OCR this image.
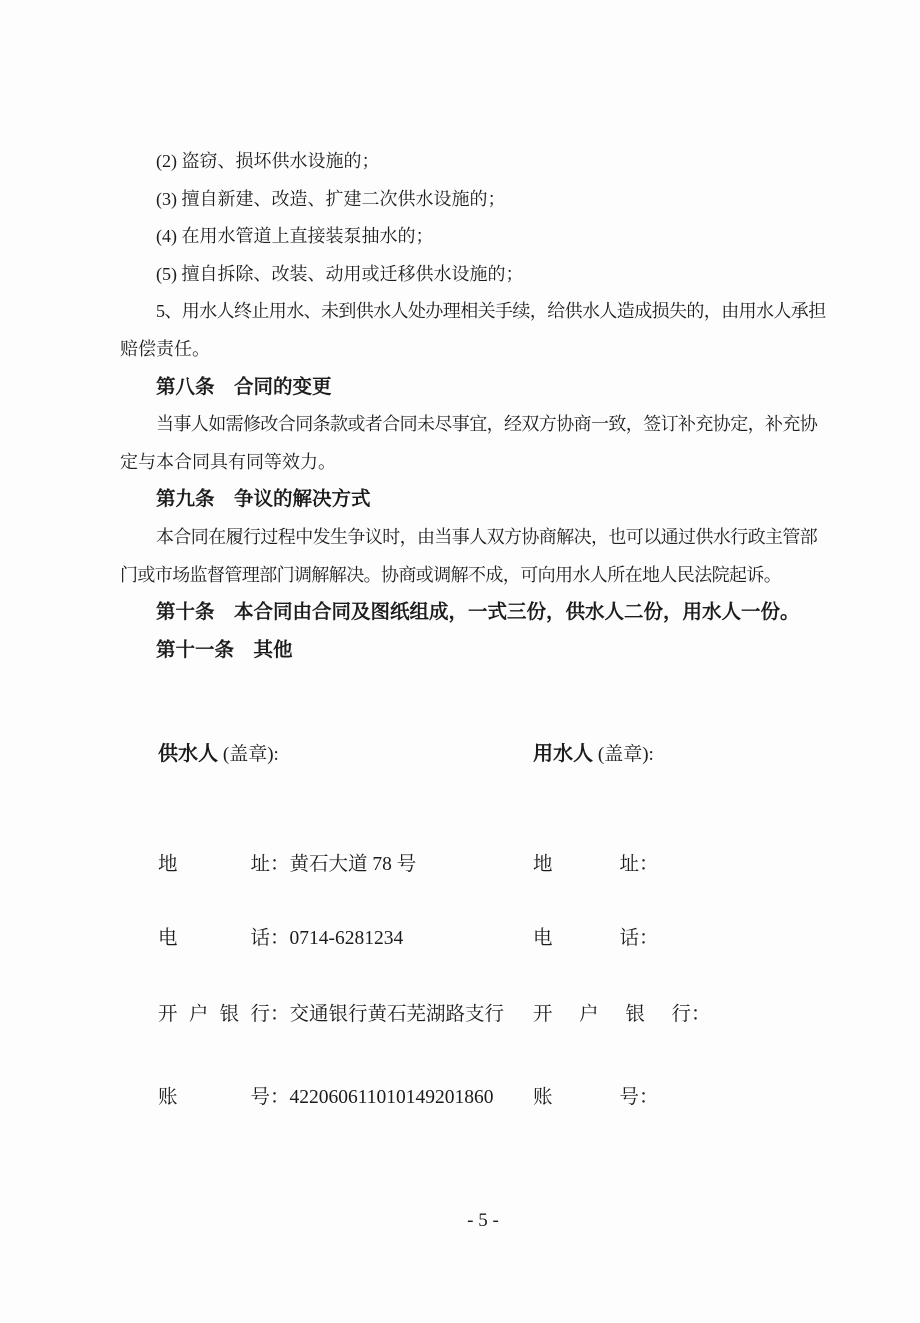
(2) 盗窃、损坏供水设施的；
(3) 擅自新建、改造、扩建二次供水设施的；
(4) 在用水管道上直接装泵抽水的；
(5) 擅自拆除、改装、动用或迁移供水设施的；
5、用水人终止用水、未到供水人处办理相关手续，给供水人造成损失的，由用水人承担
赔偿责任。
第八条　合同的变更
当事人如需修改合同条款或者合同未尽事宜，经双方协商一致，签订补充协定，补充协
定与本合同具有同等效力。
第九条　争议的解决方式
本合同在履行过程中发生争议时，由当事人双方协商解决，也可以通过供水行政主管部
门或市场监督管理部门调解解决。协商或调解不成，可向用水人所在地人民法院起诉。
第十条　本合同由合同及图纸组成，一式三份，供水人二份，用水人一份。
第十一条　其他
供水人 (盖章):	用水人 (盖章):
地址：黄石大道 78 号	地址：
电话：0714-6281234	电话：
开户银行：交通银行黄石芜湖路支行 开户银行：
账号：422060611010149201860 账号：
- 5 -
